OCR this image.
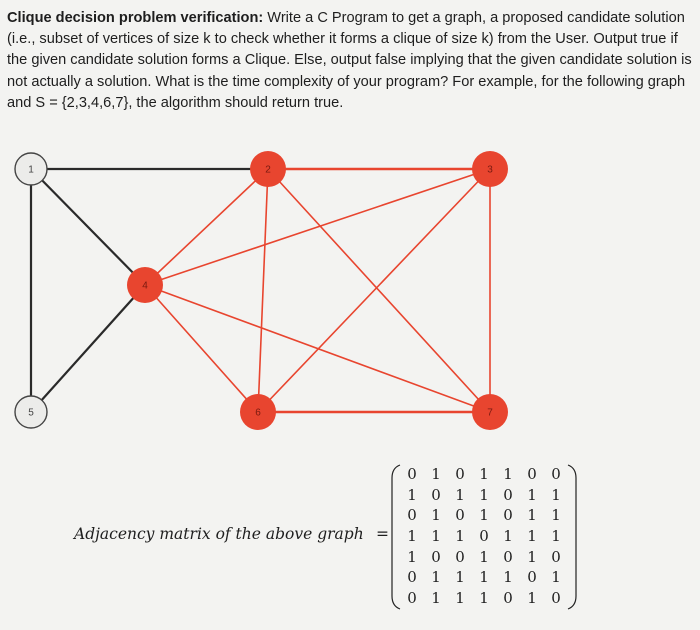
Clique decision problem verification: Write a C Program to get a graph, a proposed candidate solution (i.e., subset of vertices of size k to check whether it forms a clique of size k) from the User. Output true if the given candidate solution forms a Clique. Else, output false implying that the given candidate solution is not actually a solution. What is the time complexity of your program? For example, for the following graph and S = {2,3,4,6,7}, the algorithm should return true.
1	2	3
4
5	6	7
Adjacency matrix of the above graph =
0	1	0	1	1	0	0
1	0	1	1	0	1	1
0	1	0	1	0	1	1
1	1	1	0	1	1	1
1	0	0	1	0	1	0
0	1	1	1	1	0	1
0	1	1	1	0	1	0
